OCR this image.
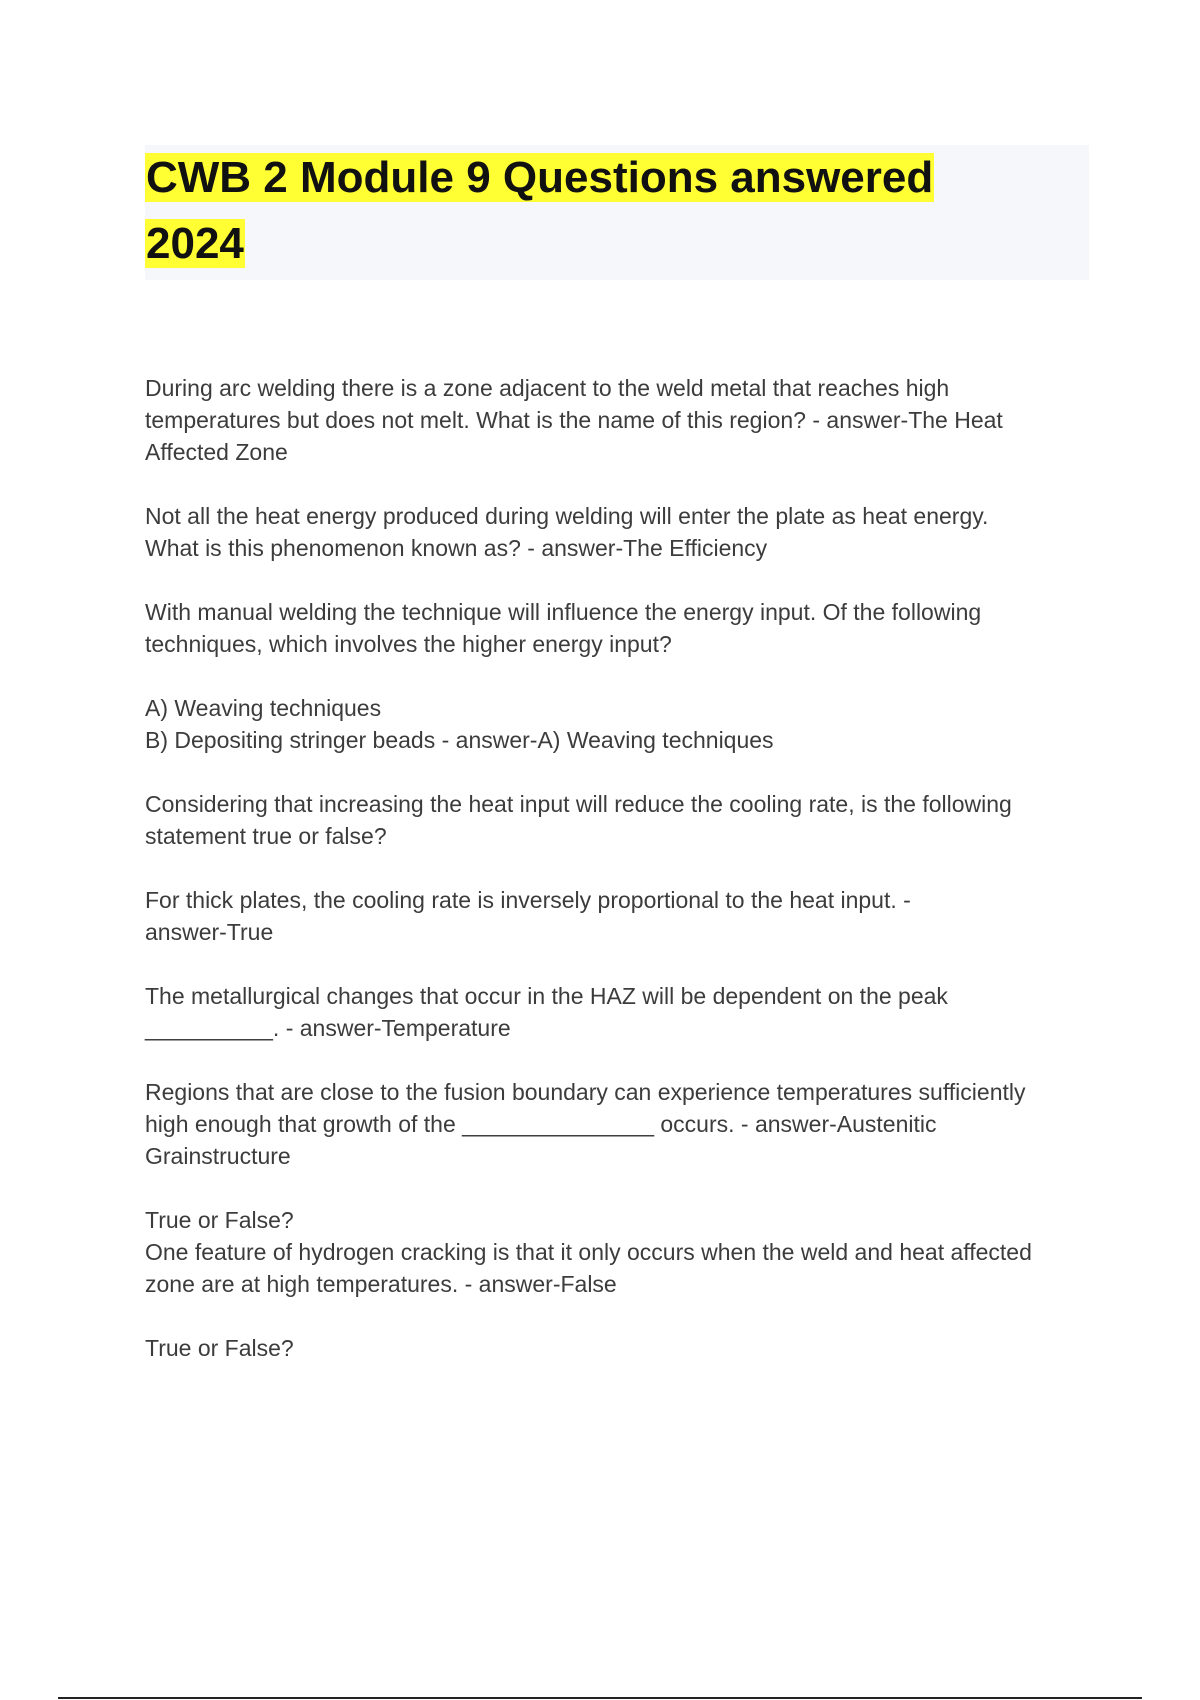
CWB 2 Module 9 Questions answered
2024

During arc welding there is a zone adjacent to the weld metal that reaches high
temperatures but does not melt. What is the name of this region? - answer-The Heat
Affected Zone

Not all the heat energy produced during welding will enter the plate as heat energy.
What is this phenomenon known as? - answer-The Efficiency

With manual welding the technique will influence the energy input. Of the following
techniques, which involves the higher energy input?

A) Weaving techniques
B) Depositing stringer beads - answer-A) Weaving techniques

Considering that increasing the heat input will reduce the cooling rate, is the following
statement true or false?

For thick plates, the cooling rate is inversely proportional to the heat input. -
answer-True

The metallurgical changes that occur in the HAZ will be dependent on the peak
__________. - answer-Temperature

Regions that are close to the fusion boundary can experience temperatures sufficiently
high enough that growth of the _______________ occurs. - answer-Austenitic
Grainstructure

True or False?
One feature of hydrogen cracking is that it only occurs when the weld and heat affected
zone are at high temperatures. - answer-False

True or False?
